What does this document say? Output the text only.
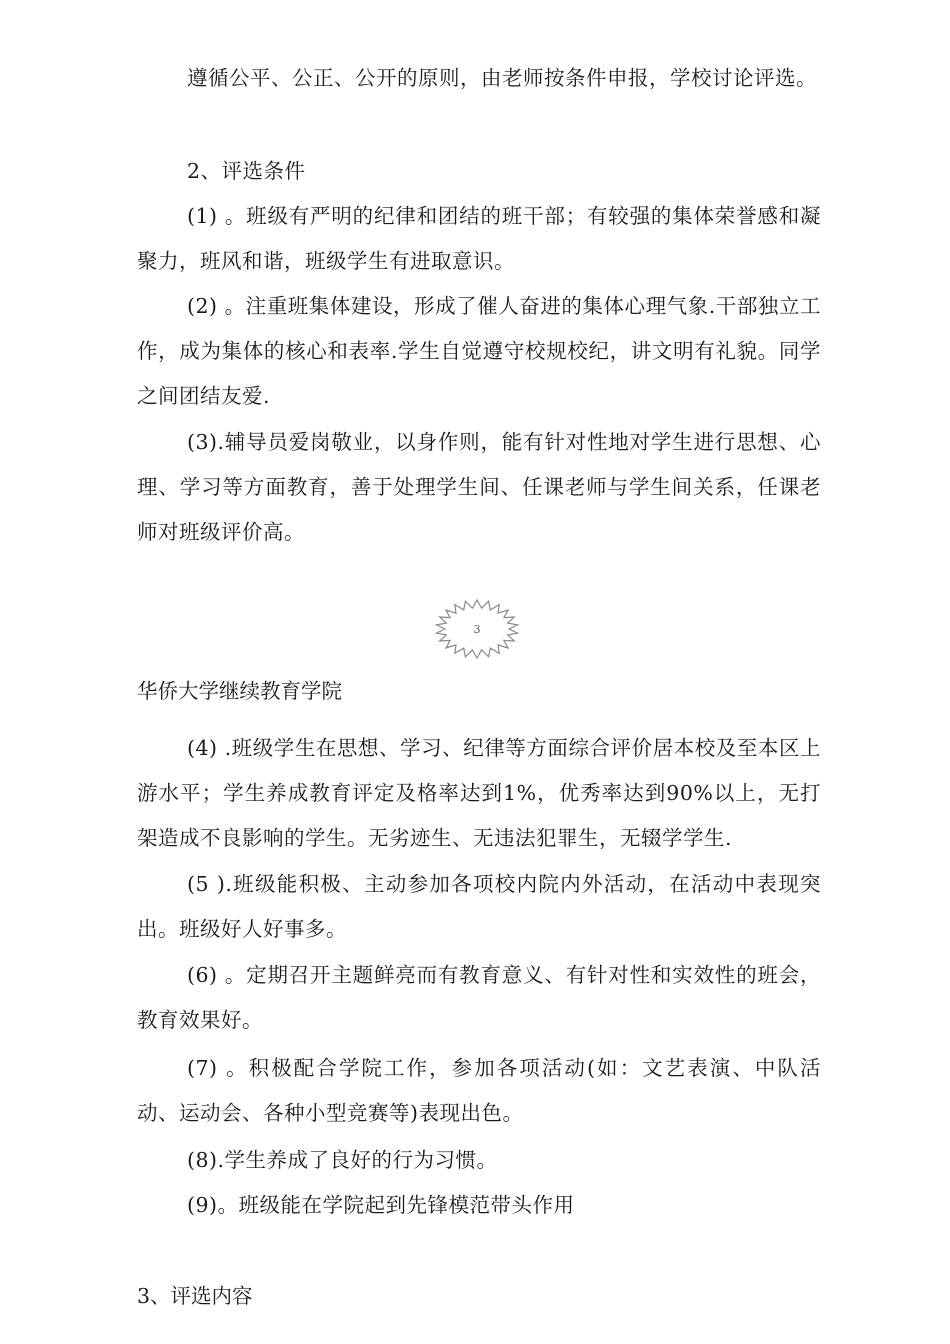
遵循公平、公正、公开的原则，由老师按条件申报，学校讨论评选。

2、评选条件

(1) 。班级有严明的纪律和团结的班干部；有较强的集体荣誉感和凝聚力，班风和谐，班级学生有进取意识。

(2) 。注重班集体建设，形成了催人奋进的集体心理气象.干部独立工作，成为集体的核心和表率.学生自觉遵守校规校纪，讲文明有礼貌。同学之间团结友爱.

(3).辅导员爱岗敬业，以身作则，能有针对性地对学生进行思想、心理、学习等方面教育，善于处理学生间、任课老师与学生间关系，任课老师对班级评价高。

3
华侨大学继续教育学院

(4) .班级学生在思想、学习、纪律等方面综合评价居本校及至本区上游水平；学生养成教育评定及格率达到1%，优秀率达到90%以上，无打架造成不良影响的学生。无劣迹生、无违法犯罪生，无辍学学生.

(5 ).班级能积极、主动参加各项校内院内外活动，在活动中表现突出。班级好人好事多。

(6) 。定期召开主题鲜亮而有教育意义、有针对性和实效性的班会，教育效果好。

(7) 。积极配合学院工作，参加各项活动(如：文艺表演、中队活动、运动会、各种小型竞赛等)表现出色。

(8).学生养成了良好的行为习惯。

(9)。班级能在学院起到先锋模范带头作用

3、评选内容
